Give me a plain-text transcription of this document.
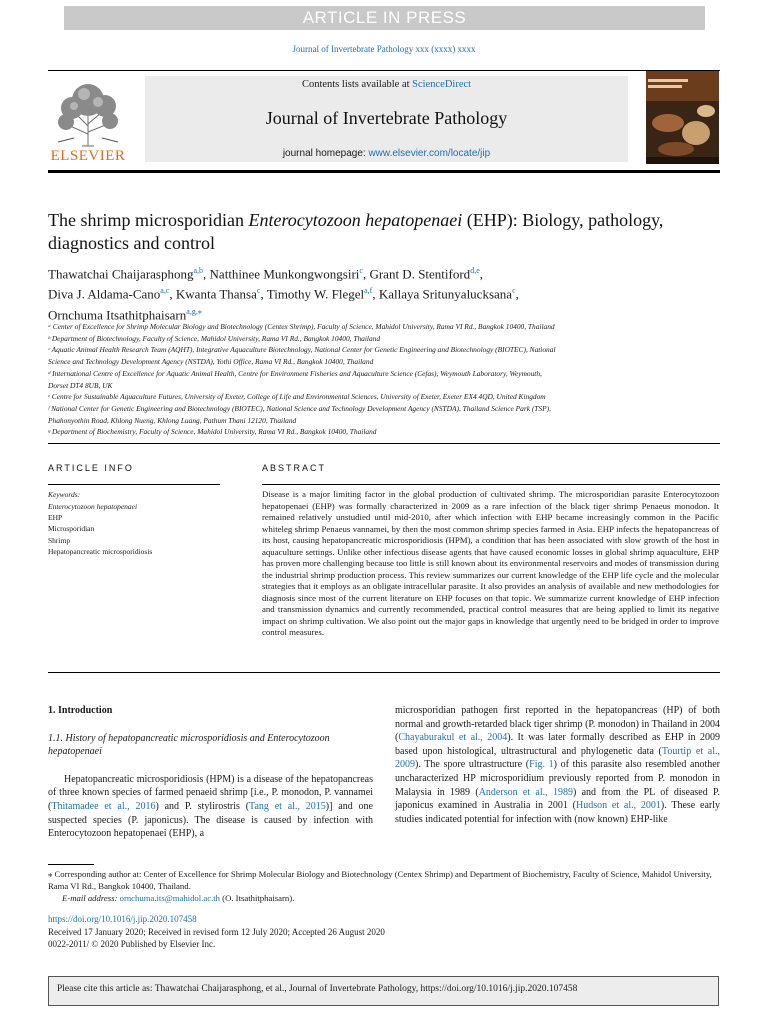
ARTICLE IN PRESS
Journal of Invertebrate Pathology xxx (xxxx) xxxx
ELSEVIER
Contents lists available at ScienceDirect
Journal of Invertebrate Pathology
journal homepage: www.elsevier.com/locate/jip
The shrimp microsporidian Enterocytozoon hepatopenaei (EHP): Biology, pathology, diagnostics and control
Thawatchai Chaijarasphong$^{a,b}$, Natthinee Munkongwongsiri$^c$, Grant D. Stentiford$^{d,e}$,
Diva J. Aldama-Cano$^{a,c}$, Kwanta Thansa$^c$, Timothy W. Flegel$^{a,f}$, Kallaya Sritunyalucksana$^c$,
Ornchuma Itsathitphaisarn$^{a,g,⁎}$
ᵃ Center of Excellence for Shrimp Molecular Biology and Biotechnology (Centex Shrimp), Faculty of Science, Mahidol University, Rama VI Rd., Bangkok 10400, Thailand
ᵇ Department of Biotechnology, Faculty of Science, Mahidol University, Rama VI Rd., Bangkok 10400, Thailand
ᶜ Aquatic Animal Health Research Team (AQHT), Integrative Aquaculture Biotechnology, National Center for Genetic Engineering and Biotechnology (BIOTEC), National
Science and Technology Development Agency (NSTDA), Yothi Office, Rama VI Rd., Bangkok 10400, Thailand
ᵈ International Centre of Excellence for Aquatic Animal Health, Centre for Environment Fisheries and Aquaculture Science (Cefas), Weymouth Laboratory, Weymouth,
Dorset DT4 8UB, UK
ᵉ Centre for Sustainable Aquaculture Futures, University of Exeter, College of Life and Environmental Sciences, University of Exeter, Exeter EX4 4QD, United Kingdom
ᶠ National Center for Genetic Engineering and Biotechnology (BIOTEC), National Science and Technology Development Agency (NSTDA), Thailand Science Park (TSP),
Phahonyothin Road, Khlong Nueng, Khlong Luang, Pathum Thani 12120, Thailand
ᵍ Department of Biochemistry, Faculty of Science, Mahidol University, Rama VI Rd., Bangkok 10400, Thailand
ARTICLE INFO	ABSTRACT
Keywords:
Enterocytozoon hepatopenaei
EHP
Microsporidian
Shrimp
Hepatopancreatic microsporidiosis
Disease is a major limiting factor in the global production of cultivated shrimp. The microsporidian parasite Enterocytozoon hepatopenaei (EHP) was formally characterized in 2009 as a rare infection of the black tiger shrimp Penaeus monodon. It remained relatively unstudied until mid-2010, after which infection with EHP became increasingly common in the Pacific whiteleg shrimp Penaeus vannamei, by then the most common shrimp species farmed in Asia. EHP infects the hepatopancreas of its host, causing hepatopancreatic microsporidiosis (HPM), a condition that has been associated with slow growth of the host in aquaculture settings. Unlike other infectious disease agents that have caused economic losses in global shrimp aquaculture, EHP has proven more challenging because too little is still known about its environmental reservoirs and modes of transmission during the industrial shrimp production process. This review summarizes our current knowledge of the EHP life cycle and the molecular strategies that it employs as an obligate intracellular parasite. It also provides an analysis of available and new methodologies for diagnosis since most of the current literature on EHP focuses on that topic. We summarize current knowledge of EHP infection and transmission dynamics and currently recommended, practical control measures that are being applied to limit its negative impact on shrimp cultivation. We also point out the major gaps in knowledge that urgently need to be bridged in order to improve control measures.

1. Introduction

1.1. History of hepatopancreatic microsporidiosis and Enterocytozoon hepatopenaei

Hepatopancreatic microsporidiosis (HPM) is a disease of the hepatopancreas of three known species of farmed penaeid shrimp [i.e., P. monodon, P. vannamei (Thitamadee et al., 2016) and P. stylirostris (Tang et al., 2015)] and one suspected species (P. japonicus). The disease is caused by infection with Enterocytozoon hepatopenaei (EHP), a

microsporidian pathogen first reported in the hepatopancreas (HP) of both normal and growth-retarded black tiger shrimp (P. monodon) in Thailand in 2004 (Chayaburakul et al., 2004). It was later formally described as EHP in 2009 based upon histological, ultrastructural and phylogenetic data (Tourtip et al., 2009). The spore ultrastructure (Fig. 1) of this parasite also resembled another uncharacterized HP microsporidium previously reported from P. monodon in Malaysia in 1989 (Anderson et al., 1989) and from the PL of diseased P. japonicus examined in Australia in 2001 (Hudson et al., 2001). These early studies indicated potential for infection with (now known) EHP-like

⁎ Corresponding author at: Center of Excellence for Shrimp Molecular Biology and Biotechnology (Centex Shrimp) and Department of Biochemistry, Faculty of Science, Mahidol University, Rama VI Rd., Bangkok 10400, Thailand.
E-mail address: ornchuma.its@mahidol.ac.th (O. Itsathitphaisarn).
https://doi.org/10.1016/j.jip.2020.107458
Received 17 January 2020; Received in revised form 12 July 2020; Accepted 26 August 2020
0022-2011/ © 2020 Published by Elsevier Inc.
Please cite this article as: Thawatchai Chaijarasphong, et al., Journal of Invertebrate Pathology, https://doi.org/10.1016/j.jip.2020.107458
